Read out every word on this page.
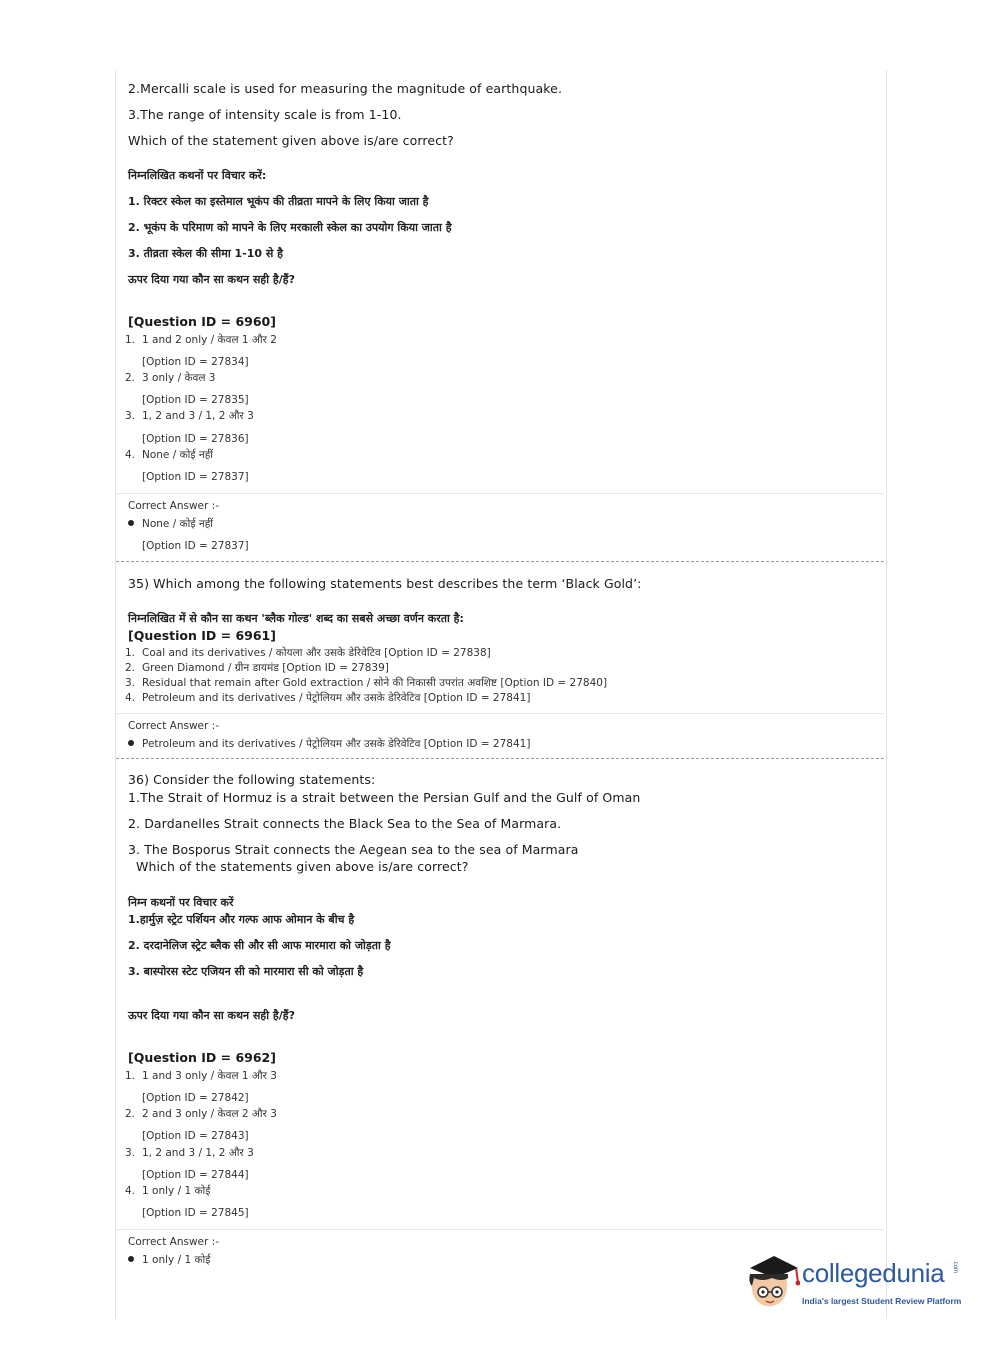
2.Mercalli scale is used for measuring the magnitude of earthquake.
3.The range of intensity scale is from 1-10.
Which of the statement given above is/are correct?
निम्नलिखित कथनों पर विचार करें:
1. रिक्टर स्केल का इस्तेमाल भूकंप की तीव्रता मापने के लिए किया जाता है
2. भूकंप के परिमाण को मापने के लिए मरकाली स्केल का उपयोग किया जाता है
3. तीव्रता स्केल की सीमा 1-10 से है
ऊपर दिया गया कौन सा कथन सही है/हैं?
[Question ID = 6960]
1. 1 and 2 only / केवल 1 और 2
[Option ID = 27834]
2. 3 only / केवल 3
[Option ID = 27835]
3. 1, 2 and 3 / 1, 2 और 3
[Option ID = 27836]
4. None / कोई नहीं
[Option ID = 27837]
Correct Answer :-
None / कोई नहीं
[Option ID = 27837]
35) Which among the following statements best describes the term ‘Black Gold’:
निम्नलिखित में से कौन सा कथन 'ब्लैक गोल्ड' शब्द का सबसे अच्छा वर्णन करता है:
[Question ID = 6961]
1. Coal and its derivatives / कोयला और उसके डेरिवेटिव [Option ID = 27838]
2. Green Diamond / ग्रीन डायमंड [Option ID = 27839]
3. Residual that remain after Gold extraction / सोने की निकासी उपरांत अवशिष्ट [Option ID = 27840]
4. Petroleum and its derivatives / पेट्रोलियम और उसके डेरिवेटिव [Option ID = 27841]
Correct Answer :-
Petroleum and its derivatives / पेट्रोलियम और उसके डेरिवेटिव [Option ID = 27841]
36) Consider the following statements:
1.The Strait of Hormuz is a strait between the Persian Gulf and the Gulf of Oman
2. Dardanelles Strait connects the Black Sea to the Sea of Marmara.
3. The Bosporus Strait connects the Aegean sea to the sea of Marmara
Which of the statements given above is/are correct?
निम्न कथनों पर विचार करें
1.हार्मुज़ स्ट्रेट पर्शियन और गल्फ आफ ओमान के बीच है
2. दरदानेलिज स्ट्रेट ब्लैक सी और सी आफ मारमारा को जोड़ता है
3. बास्पोरस स्टेट एजियन सी को मारमारा सी को जोड़ता है
ऊपर दिया गया कौन सा कथन सही है/हैं?
[Question ID = 6962]
1. 1 and 3 only / केवल 1 और 3
[Option ID = 27842]
2. 2 and 3 only / केवल 2 और 3
[Option ID = 27843]
3. 1, 2 and 3 / 1, 2 और 3
[Option ID = 27844]
4. 1 only / 1 कोई
[Option ID = 27845]
Correct Answer :-
1 only / 1 कोई	collegedunia .com
India's largest Student Review Platform
